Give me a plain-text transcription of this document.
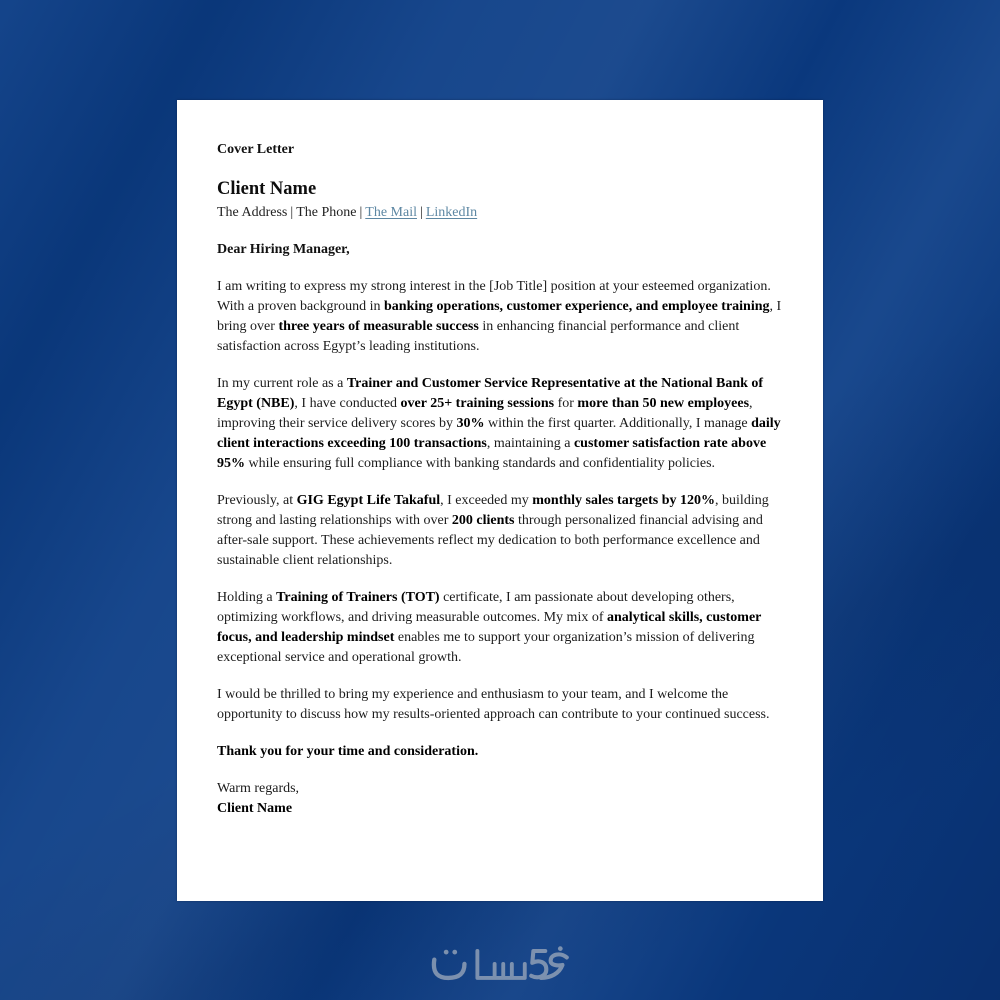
Cover Letter
Client Name
The Address | The Phone | The Mail | LinkedIn
Dear Hiring Manager,
I am writing to express my strong interest in the [Job Title] position at your esteemed organization. With a proven background in banking operations, customer experience, and employee training, I bring over three years of measurable success in enhancing financial performance and client satisfaction across Egypt’s leading institutions.
In my current role as a Trainer and Customer Service Representative at the National Bank of Egypt (NBE), I have conducted over 25+ training sessions for more than 50 new employees, improving their service delivery scores by 30% within the first quarter. Additionally, I manage daily client interactions exceeding 100 transactions, maintaining a customer satisfaction rate above 95% while ensuring full compliance with banking standards and confidentiality policies.
Previously, at GIG Egypt Life Takaful, I exceeded my monthly sales targets by 120%, building strong and lasting relationships with over 200 clients through personalized financial advising and after-sale support. These achievements reflect my dedication to both performance excellence and sustainable client relationships.
Holding a Training of Trainers (TOT) certificate, I am passionate about developing others, optimizing workflows, and driving measurable outcomes. My mix of analytical skills, customer focus, and leadership mindset enables me to support your organization’s mission of delivering exceptional service and operational growth.
I would be thrilled to bring my experience and enthusiasm to your team, and I welcome the opportunity to discuss how my results-oriented approach can contribute to your continued success.
Thank you for your time and consideration.
Warm regards,
Client Name
